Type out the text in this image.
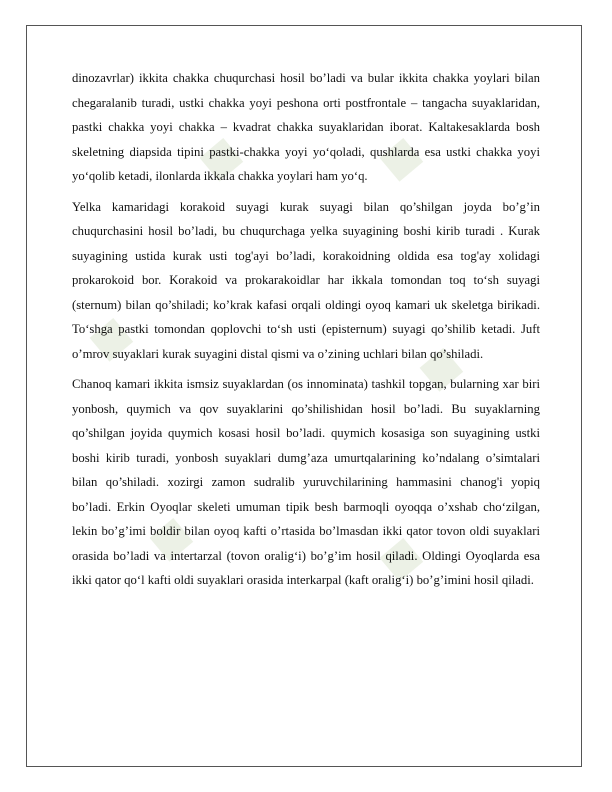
■ ■
■	■
■ ■

dinozavrlar) ikkita chakka chuqurchasi hosil bo’ladi va bular ikkita chakka yoylari bilan chegaralanib turadi, ustki chakka yoyi peshona orti postfrontale – tangacha suyaklaridan, pastki chakka yoyi chakka – kvadrat chakka suyaklaridan iborat. Kaltakesaklarda bosh skeletning diapsida tipini pastki-chakka yoyi yo‘qoladi, qushlarda esa ustki chakka yoyi yo‘qolib ketadi, ilonlarda ikkala chakka yoylari ham yo‘q.

Yelka kamaridagi korakoid suyagi kurak suyagi bilan qo’shilgan joyda bo’g’in chuqurchasini hosil bo’ladi, bu chuqurchaga yelka suyagining boshi kirib turadi . Kurak suyagining ustida kurak usti tog'ayi bo’ladi, korakoidning oldida esa tog'ay xolidagi prokarokoid bor. Korakoid va prokarakoidlar har ikkala tomondan toq to‘sh suyagi (sternum) bilan qo’shiladi; ko’krak kafasi orqali oldingi oyoq kamari uk skeletga birikadi. To‘shga pastki tomondan qoplovchi to‘sh usti (episternum) suyagi qo’shilib ketadi. Juft o’mrov suyaklari kurak suyagini distal qismi va o’zining uchlari bilan qo’shiladi.

Chanoq kamari ikkita ismsiz suyaklardan (os innominata) tashkil topgan, bularning xar biri yonbosh, quymich va qov suyaklarini qo’shilishidan hosil bo’ladi. Bu suyaklarning qo’shilgan joyida quymich kosasi hosil bo’ladi. quymich kosasiga son suyagining ustki boshi kirib turadi, yonbosh suyaklari dumg’aza umurtqalarining ko’ndalang o’simtalari bilan qo’shiladi. xozirgi zamon sudralib yuruvchilarining hammasini chanog'i yopiq bo’ladi. Erkin Oyoqlar skeleti umuman tipik besh barmoqli oyoqqa o’xshab cho‘zilgan, lekin bo’g’imi boldir bilan oyoq kafti o’rtasida bo’lmasdan ikki qator tovon oldi suyaklari orasida bo’ladi va intertarzal (tovon oralig‘i) bo’g’im hosil qiladi. Oldingi Oyoqlarda esa ikki qator qo‘l kafti oldi suyaklari orasida interkarpal (kaft oralig‘i) bo’g’imini hosil qiladi.
